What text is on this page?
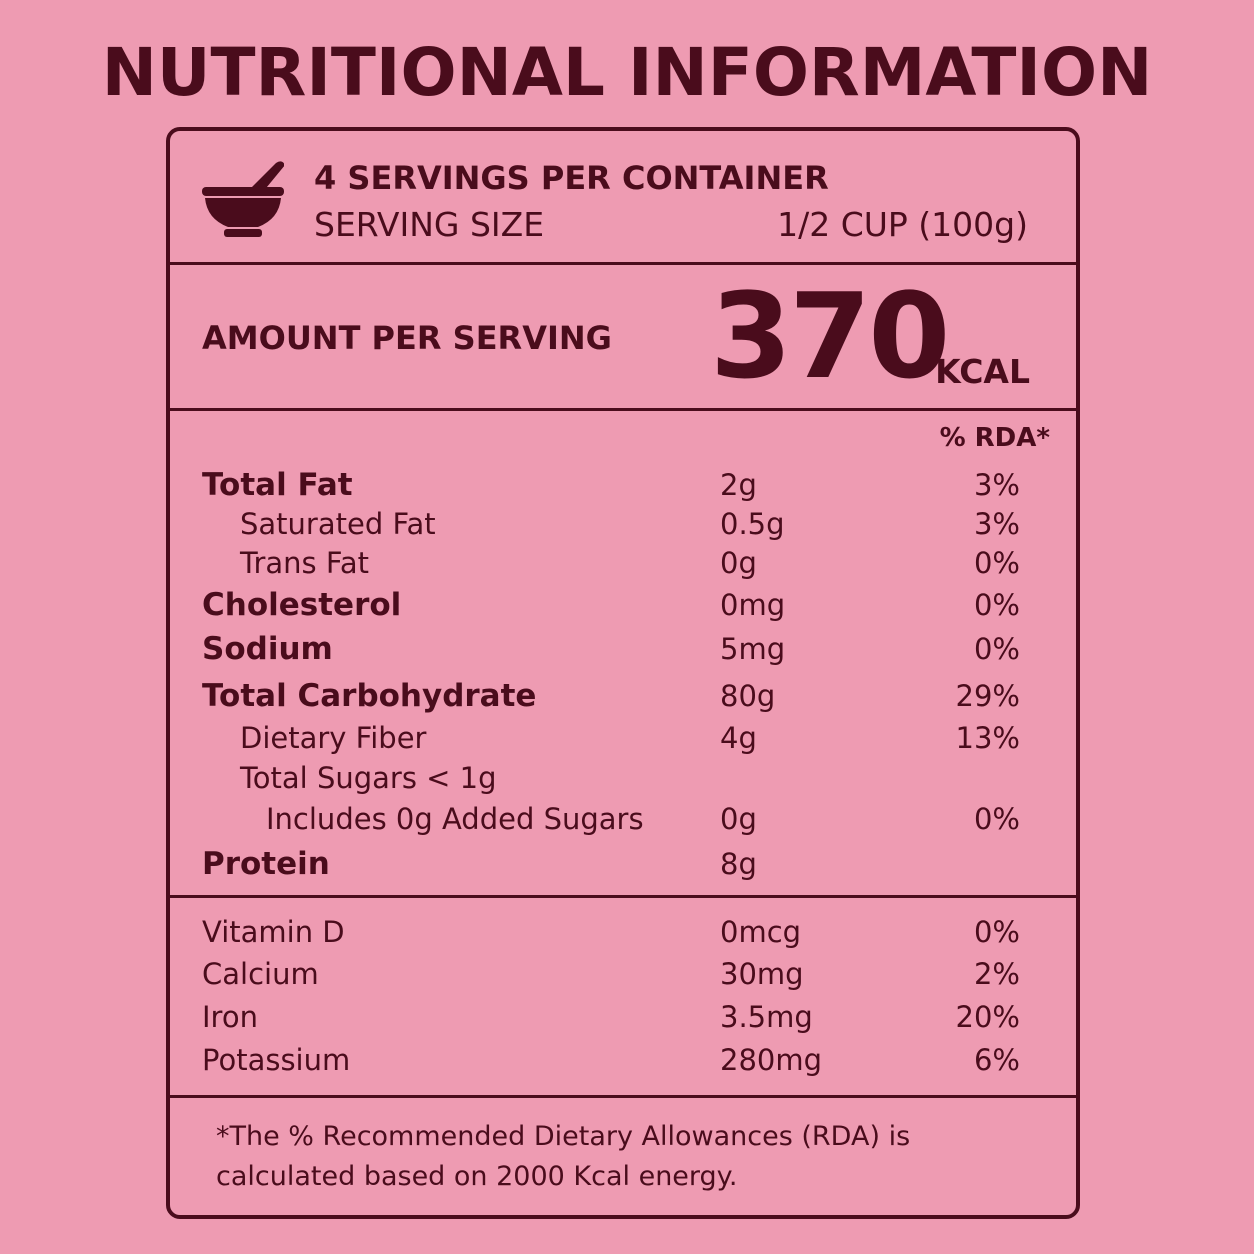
NUTRITIONAL INFORMATION
4 SERVINGS PER CONTAINER
SERVING SIZE	1/2 CUP (100g)
AMOUNT PER SERVING 370
KCAL
% RDA*
Total Fat	2g	3%
Saturated Fat	0.5g	3%
Trans Fat	0g	0%
Cholesterol	0mg	0%
Sodium	5mg	0%
Total Carbohydrate	80g	29%
Dietary Fiber	4g	13%
Total Sugars < 1g
Includes 0g Added Sugars	0g	0%
Protein	8g
Vitamin D	0mcg	0%
Calcium	30mg	2%
Iron	3.5mg	20%
Potassium	280mg	6%
*The % Recommended Dietary Allowances (RDA) is calculated based on 2000 Kcal energy.
